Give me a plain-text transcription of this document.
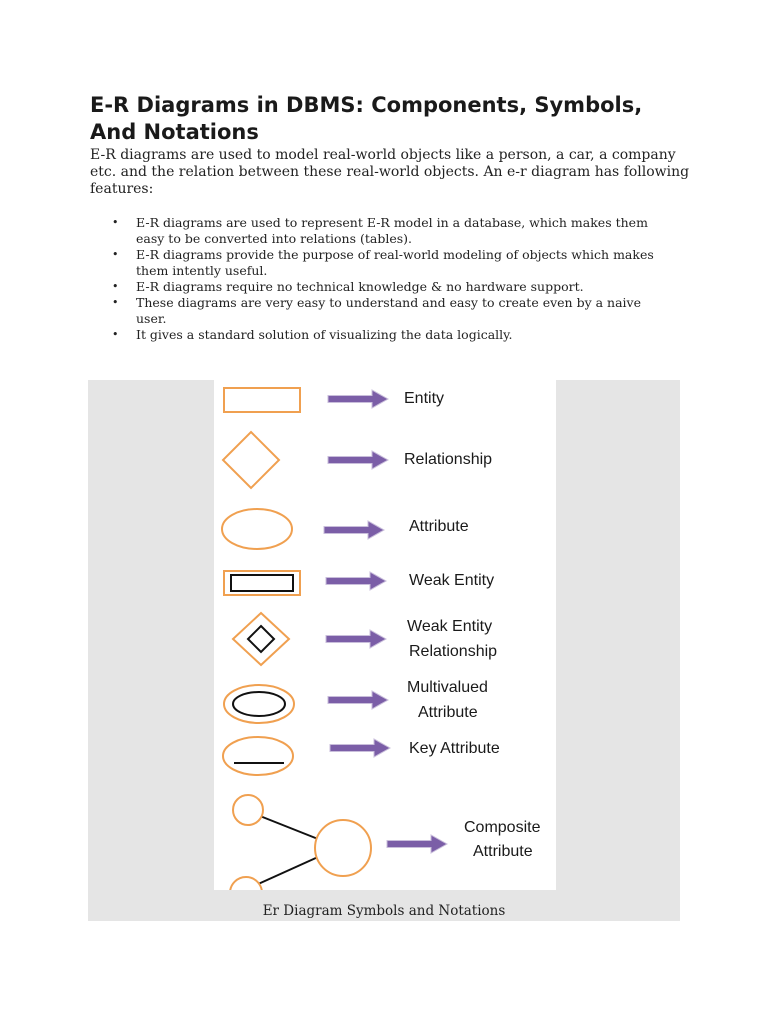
E-R Diagrams in DBMS: Components, Symbols, And Notations

E-R diagrams are used to model real-world objects like a person, a car, a company etc. and the relation between these real-world objects. An e-r diagram has following features:

• E-R diagrams are used to represent E-R model in a database, which makes them easy to be converted into relations (tables).
• E-R diagrams provide the purpose of real-world modeling of objects which makes them intently useful.
• E-R diagrams require no technical knowledge & no hardware support.
• These diagrams are very easy to understand and easy to create even by a naive user.
• It gives a standard solution of visualizing the data logically.
Entity
Relationship
Attribute
Weak Entity
Weak Entity
Relationship
Multivalued
Attribute
Key Attribute
Composite
Attribute
Er Diagram Symbols and Notations
